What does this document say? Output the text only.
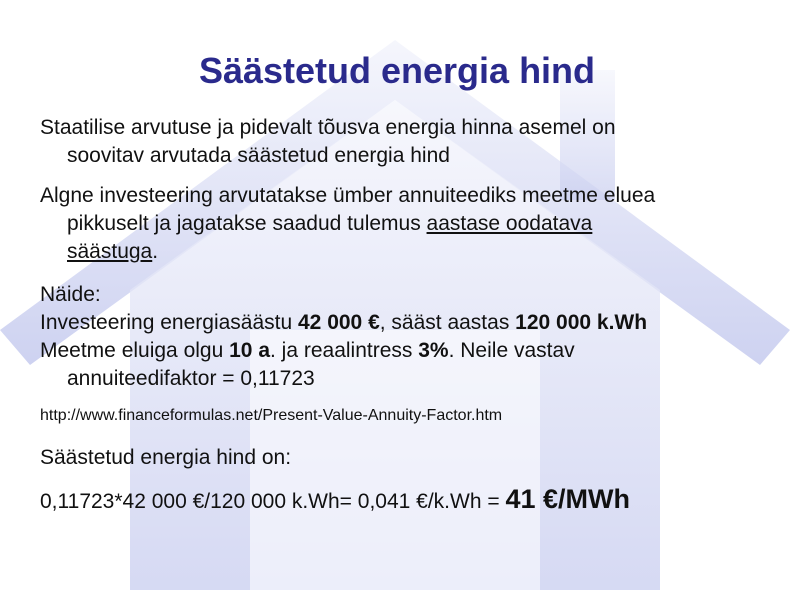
Säästetud energia hind
Staatilise arvutuse ja pidevalt tõusva energia hinna asemel on
soovitav arvutada säästetud energia hind
Algne investeering arvutatakse ümber annuiteediks meetme eluea
pikkuselt ja jagatakse saadud tulemus aastase oodatava
säästuga.
Näide:
Investeering energiasäästu 42 000 €, sääst aastas 120 000 k.Wh
Meetme eluiga olgu 10 a. ja reaalintress 3%. Neile vastav
annuiteedifaktor = 0,11723
http://www.financeformulas.net/Present-Value-Annuity-Factor.htm
Säästetud energia hind on:
0,11723*42 000 €/120 000 k.Wh= 0,041 €/k.Wh = 41 €/MWh
